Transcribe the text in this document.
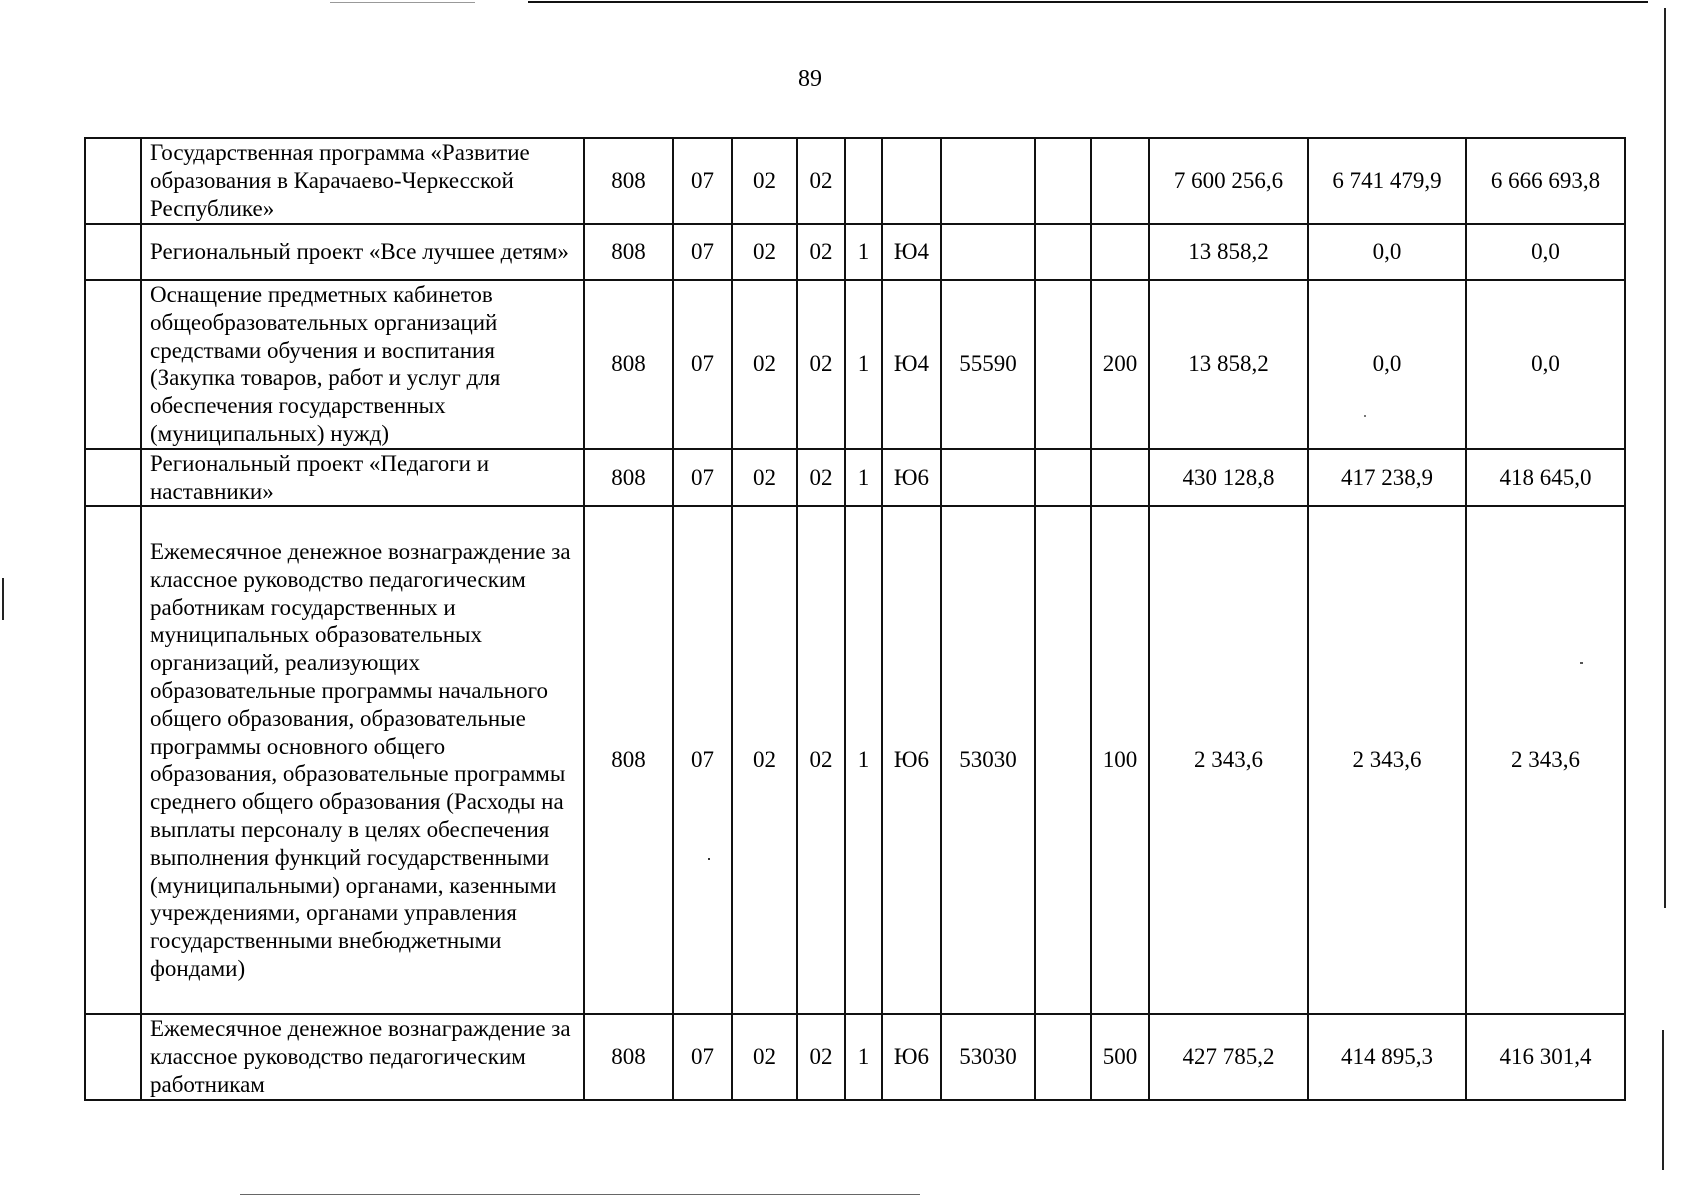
89
	Государственная программа «Развитие образования в Карачаево-Черкесской Республике»	808	07	02	02						7 600 256,6	6 741 479,9	6 666 693,8
	Региональный проект «Все лучшее детям»	808	07	02	02	1	Ю4				13 858,2	0,0	0,0
	Оснащение предметных кабинетов общеобразовательных организаций средствами обучения и воспитания (Закупка товаров, работ и услуг для обеспечения государственных (муниципальных) нужд)	808	07	02	02	1	Ю4	55590		200	13 858,2	0,0	0,0
	Региональный проект «Педагоги и наставники»	808	07	02	02	1	Ю6				430 128,8	417 238,9	418 645,0
	Ежемесячное денежное вознаграждение за классное руководство педагогическим работникам государственных и муниципальных образовательных организаций, реализующих образовательные программы начального общего образования, образовательные программы основного общего образования, образовательные программы среднего общего образования (Расходы на выплаты персоналу в целях обеспечения выполнения функций государственными (муниципальными) органами, казенными учреждениями, органами управления государственными внебюджетными фондами)	808	07	02	02	1	Ю6	53030		100	2 343,6	2 343,6	2 343,6
	Ежемесячное денежное вознаграждение за классное руководство педагогическим работникам	808	07	02	02	1	Ю6	53030		500	427 785,2	414 895,3	416 301,4
